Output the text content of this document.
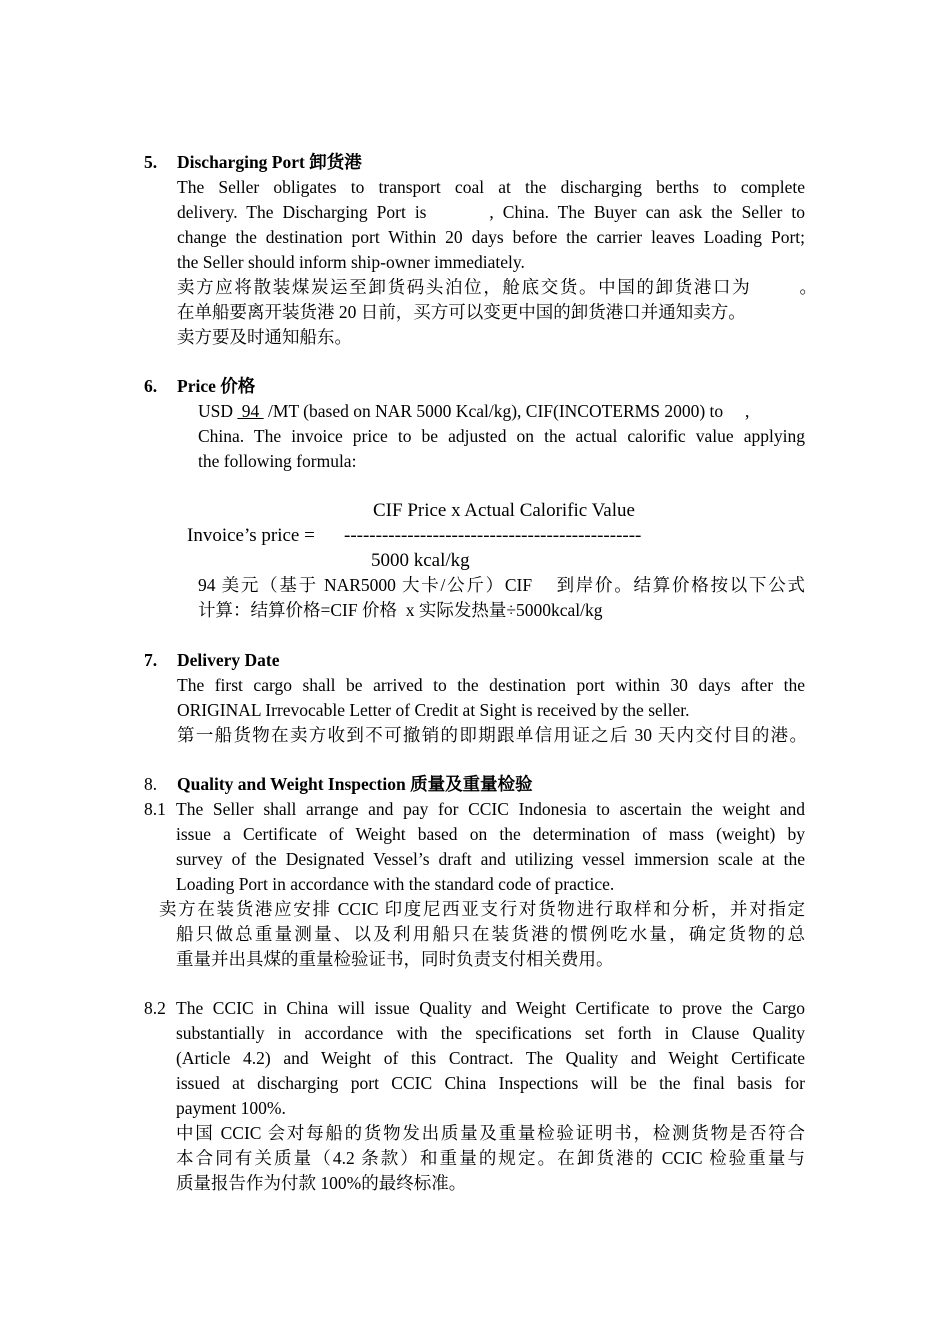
5. Discharging Port 卸货港
The Seller obligates to transport coal at the discharging berths to complete
delivery. The Discharging Port is       , China. The Buyer can ask the Seller to
change the destination port Within 20 days before the carrier leaves Loading Port;
the Seller should inform ship-owner immediately.
卖方应将散装煤炭运至卸货码头泊位，舱底交货。中国的卸货港口为        。
在单船要离开装货港 20 日前，买方可以变更中国的卸货港口并通知卖方。
卖方要及时通知船东。
6. Price 价格
USD  94  /MT (based on NAR 5000 Kcal/kg), CIF(INCOTERMS 2000) to     ,
China. The invoice price to be adjusted on the actual calorific value applying
the following formula:
CIF Price x Actual Calorific Value
Invoice’s price = -----------------------------------------------
5000 kcal/kg
94 美元（基于 NAR5000 大卡/公斤）CIF    到岸价。结算价格按以下公式
计算：结算价格=CIF 价格  x 实际发热量÷5000kcal/kg
7. Delivery Date
The first cargo shall be arrived to the destination port within 30 days after the
ORIGINAL Irrevocable Letter of Credit at Sight is received by the seller.
第一船货物在卖方收到不可撤销的即期跟单信用证之后 30 天内交付目的港。
8. Quality and Weight Inspection 质量及重量检验
8.1 The Seller shall arrange and pay for CCIC Indonesia to ascertain the weight and
issue a Certificate of Weight based on the determination of mass (weight) by
survey of the Designated Vessel’s draft and utilizing vessel immersion scale at the
Loading Port in accordance with the standard code of practice.
卖方在装货港应安排 CCIC 印度尼西亚支行对货物进行取样和分析，并对指定
船只做总重量测量、以及利用船只在装货港的惯例吃水量，确定货物的总
重量并出具煤的重量检验证书，同时负责支付相关费用。
8.2 The CCIC in China will issue Quality and Weight Certificate to prove the Cargo
substantially in accordance with the specifications set forth in Clause Quality
(Article 4.2) and Weight of this Contract. The Quality and Weight Certificate
issued at discharging port CCIC China Inspections will be the final basis for
payment 100%.
中国 CCIC 会对每船的货物发出质量及重量检验证明书，检测货物是否符合
本合同有关质量（4.2 条款）和重量的规定。在卸货港的 CCIC 检验重量与
质量报告作为付款 100%的最终标准。
